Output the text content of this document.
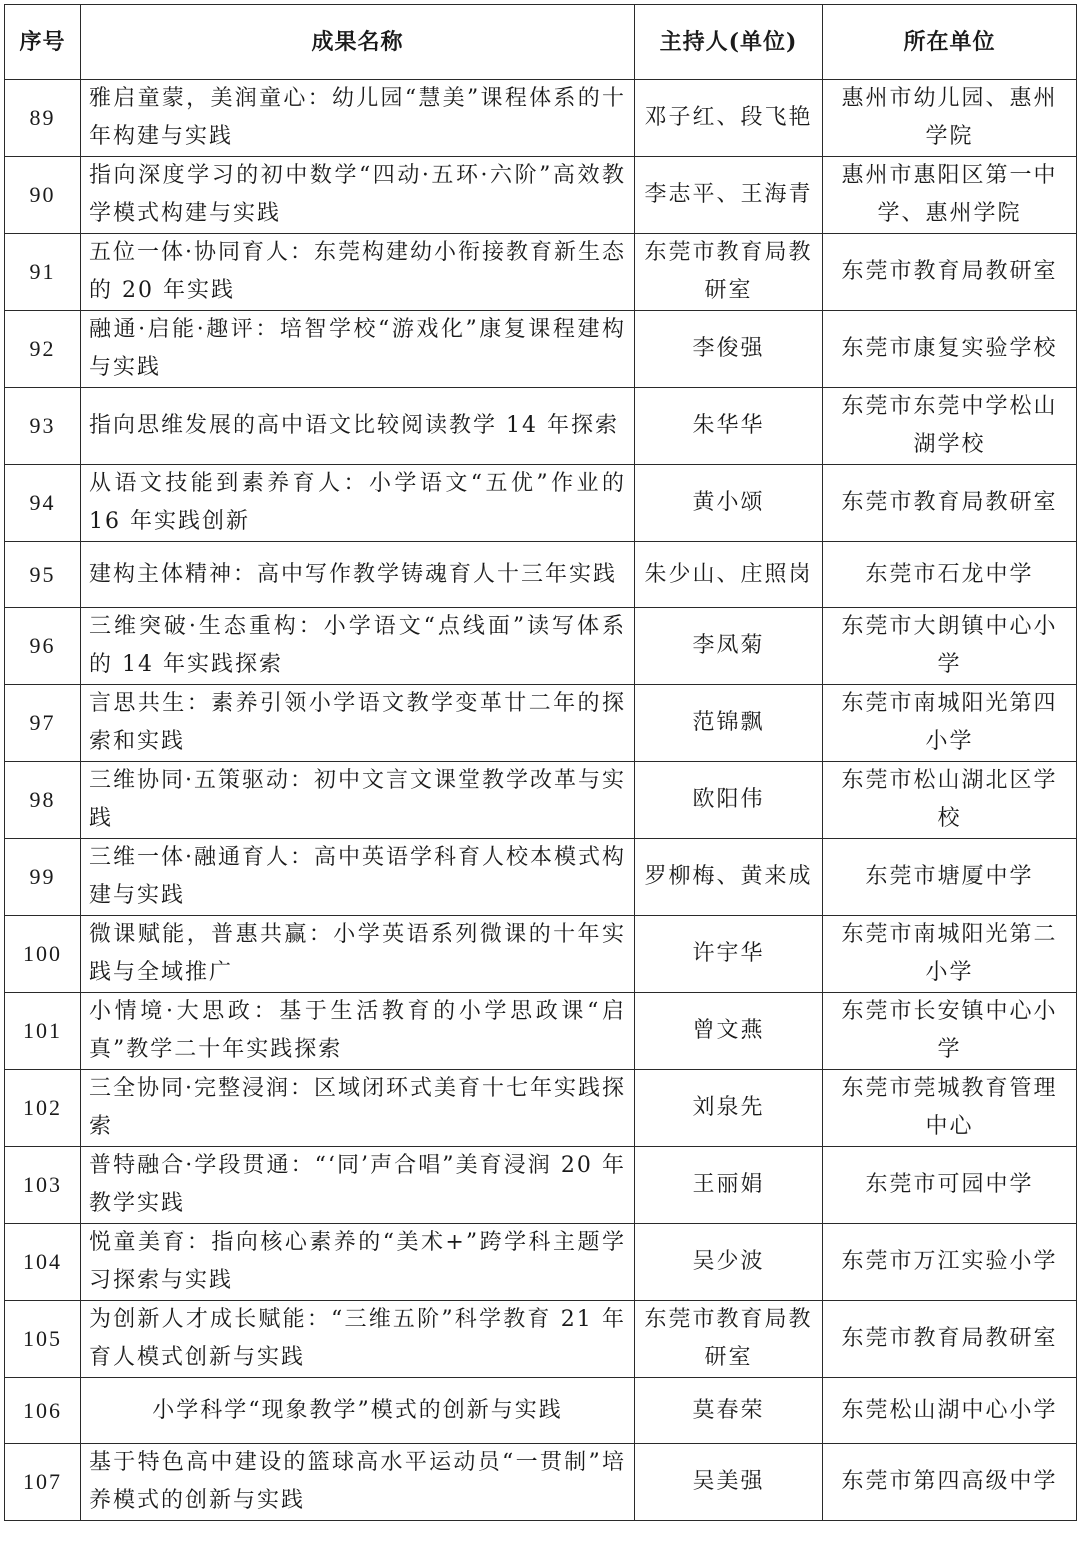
序号	成果名称	主持人(单位)	所在单位
89	雅启童蒙，美润童心：幼儿园“慧美”课程体系的十年构建与实践	邓子红、段飞艳	惠州市幼儿园、惠州学院
90	指向深度学习的初中数学“四动·五环·六阶”高效教学模式构建与实践	李志平、王海青	惠州市惠阳区第一中学、惠州学院
91	五位一体·协同育人：东莞构建幼小衔接教育新生态的 20 年实践	东莞市教育局教研室	东莞市教育局教研室
92	融通·启能·趣评：培智学校“游戏化”康复课程建构与实践	李俊强	东莞市康复实验学校
93	指向思维发展的高中语文比较阅读教学 14 年探索	朱华华	东莞市东莞中学松山湖学校
94	从语文技能到素养育人：小学语文“五优”作业的 16 年实践创新	黄小颂	东莞市教育局教研室
95	建构主体精神：高中写作教学铸魂育人十三年实践	朱少山、庄照岗	东莞市石龙中学
96	三维突破·生态重构：小学语文“点线面”读写体系的 14 年实践探索	李凤菊	东莞市大朗镇中心小学
97	言思共生：素养引领小学语文教学变革廿二年的探索和实践	范锦飘	东莞市南城阳光第四小学
98	三维协同·五策驱动：初中文言文课堂教学改革与实践	欧阳伟	东莞市松山湖北区学校
99	三维一体·融通育人：高中英语学科育人校本模式构建与实践	罗柳梅、黄来成	东莞市塘厦中学
100	微课赋能，普惠共赢：小学英语系列微课的十年实践与全域推广	许宇华	东莞市南城阳光第二小学
101	小情境·大思政：基于生活教育的小学思政课“启真”教学二十年实践探索	曾文燕	东莞市长安镇中心小学
102	三全协同·完整浸润：区域闭环式美育十七年实践探索	刘泉先	东莞市莞城教育管理中心
103	普特融合·学段贯通：“‘同’声合唱”美育浸润 20 年教学实践	王丽娟	东莞市可园中学
104	悦童美育：指向核心素养的“美术+”跨学科主题学习探索与实践	吴少波	东莞市万江实验小学
105	为创新人才成长赋能：“三维五阶”科学教育 21 年育人模式创新与实践	东莞市教育局教研室	东莞市教育局教研室
106	小学科学“现象教学”模式的创新与实践	莫春荣	东莞松山湖中心小学
107	基于特色高中建设的篮球高水平运动员“一贯制”培养模式的创新与实践	吴美强	东莞市第四高级中学
